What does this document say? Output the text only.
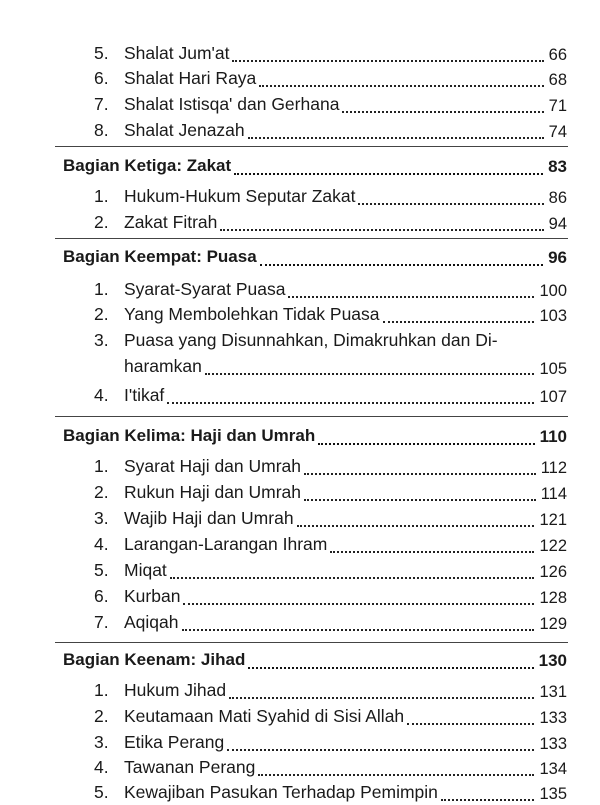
5. Shalat Jum'at	66
6. Shalat Hari Raya	68
7. Shalat Istisqa' dan Gerhana	71
8. Shalat Jenazah	74
Bagian Ketiga: Zakat	83
1. Hukum-Hukum Seputar Zakat	86
2. Zakat Fitrah	94
Bagian Keempat: Puasa	96
1. Syarat-Syarat Puasa	100
2. Yang Membolehkan Tidak Puasa	103
3. Puasa yang Disunnahkan, Dimakruhkan dan Di-
haramkan	105
4. I'tikaf	107
Bagian Kelima: Haji dan Umrah	110
1. Syarat Haji dan Umrah	112
2. Rukun Haji dan Umrah	114
3. Wajib Haji dan Umrah	121
4. Larangan-Larangan Ihram	122
5. Miqat	126
6. Kurban	128
7. Aqiqah	129
Bagian Keenam: Jihad	130
1. Hukum Jihad	131
2. Keutamaan Mati Syahid di Sisi Allah	133
3. Etika Perang	133
4. Tawanan Perang	134
5. Kewajiban Pasukan Terhadap Pemimpin	135
